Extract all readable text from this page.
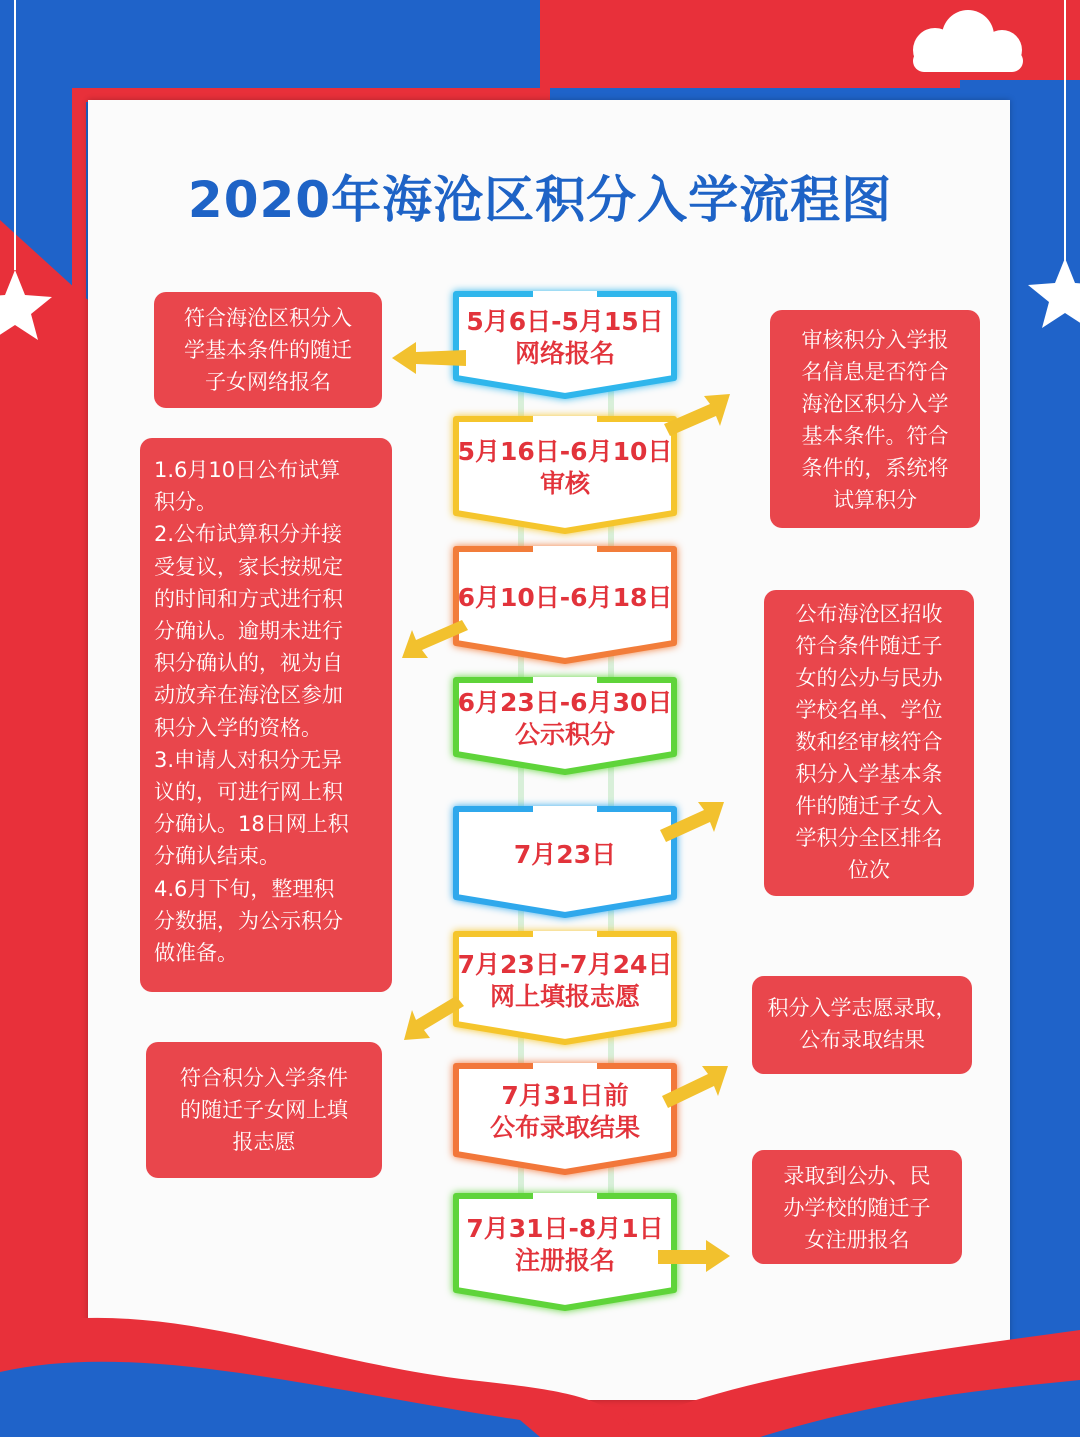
2020年海沧区积分入学流程图
5月6日-5月15日
网络报名
5月16日-6月10日
审核
6月10日-6月18日
6月23日-6月30日
公示积分
7月23日
7月23日-7月24日
网上填报志愿
7月31日前
公布录取结果
7月31日-8月1日
注册报名
符合海沧区积分入
学基本条件的随迁
子女网络报名
审核积分入学报
名信息是否符合
海沧区积分入学
基本条件。符合
条件的，系统将
试算积分
1.6月10日公布试算
积分。
2.公布试算积分并接
受复议，家长按规定
的时间和方式进行积
分确认。逾期未进行
积分确认的，视为自
动放弃在海沧区参加
积分入学的资格。
3.申请人对积分无异
议的，可进行网上积
分确认。18日网上积
分确认结束。
4.6月下旬，整理积
分数据，为公示积分
做准备。
公布海沧区招收
符合条件随迁子
女的公办与民办
学校名单、学位
数和经审核符合
积分入学基本条
件的随迁子女入
学积分全区排名
位次
积分入学志愿录取，
公布录取结果
符合积分入学条件
的随迁子女网上填
报志愿
录取到公办、民
办学校的随迁子
女注册报名
